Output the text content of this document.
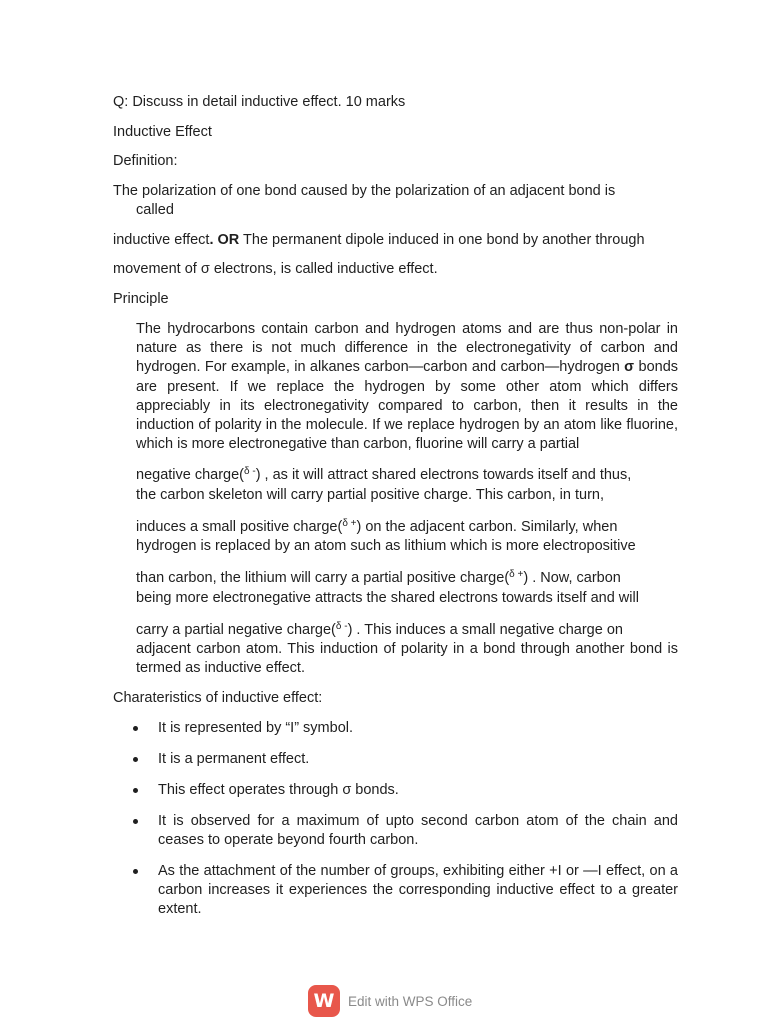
Q: Discuss in detail inductive effect. 10 marks
Inductive Effect
Definition:
The polarization of one bond caused by the polarization of an adjacent bond is
called
inductive effect. OR The permanent dipole induced in one bond by another through
movement of σ electrons, is called inductive effect.
Principle

The hydrocarbons contain carbon and hydrogen atoms and are thus non-polar in nature as there is not much difference in the electronegativity of carbon and hydrogen. For example, in alkanes carbon—carbon and carbon—hydrogen σ bonds are present. If we replace the hydrogen by some other atom which differs appreciably in its electronegativity compared to carbon, then it results in the induction of polarity in the molecule. If we replace hydrogen by an atom like fluorine, which is more electronegative than carbon, fluorine will carry a partial

negative charge($^{\delta -}$) , as it will attract shared electrons towards itself and thus,

the carbon skeleton will carry partial positive charge. This carbon, in turn,

induces a small positive charge($^{\delta +}$) on the adjacent carbon. Similarly, when

hydrogen is replaced by an atom such as lithium which is more electropositive

than carbon, the lithium will carry a partial positive charge($^{\delta +}$) . Now, carbon

being more electronegative attracts the shared electrons towards itself and will

carry a partial negative charge($^{\delta -}$) . This induces a small negative charge on

adjacent carbon atom. This induction of polarity in a bond through another bond is termed as inductive effect.

Charateristics of inductive effect:
It is represented by “I” symbol.
It is a permanent effect.
This effect operates through σ bonds.
It is observed for a maximum of upto second carbon atom of the chain and ceases to operate beyond fourth carbon.
As the attachment of the number of groups, exhibiting either +I or —I effect, on a carbon increases it experiences the corresponding inductive effect to a greater extent.
W	Edit with WPS Office
